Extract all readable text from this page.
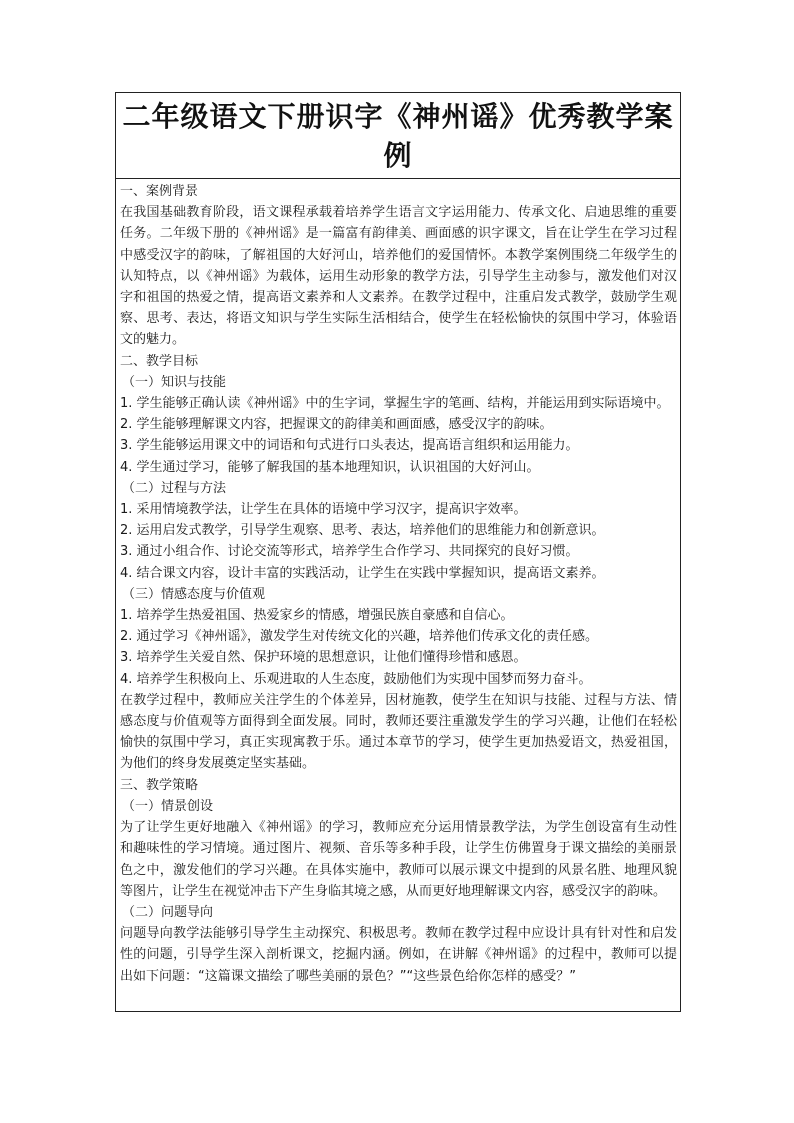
二年级语文下册识字《神州谣》优秀教学案例

一、案例背景

在我国基础教育阶段，语文课程承载着培养学生语言文字运用能力、传承文化、启迪思维的重要任务。二年级下册的《神州谣》是一篇富有韵律美、画面感的识字课文，旨在让学生在学习过程中感受汉字的韵味，了解祖国的大好河山，培养他们的爱国情怀。本教学案例围绕二年级学生的认知特点，以《神州谣》为载体，运用生动形象的教学方法，引导学生主动参与，激发他们对汉字和祖国的热爱之情，提高语文素养和人文素养。在教学过程中，注重启发式教学，鼓励学生观察、思考、表达，将语文知识与学生实际生活相结合，使学生在轻松愉快的氛围中学习，体验语文的魅力。

二、教学目标

（一）知识与技能

1. 学生能够正确认读《神州谣》中的生字词，掌握生字的笔画、结构，并能运用到实际语境中。

2. 学生能够理解课文内容，把握课文的韵律美和画面感，感受汉字的韵味。

3. 学生能够运用课文中的词语和句式进行口头表达，提高语言组织和运用能力。

4. 学生通过学习，能够了解我国的基本地理知识，认识祖国的大好河山。

（二）过程与方法

1. 采用情境教学法，让学生在具体的语境中学习汉字，提高识字效率。

2. 运用启发式教学，引导学生观察、思考、表达，培养他们的思维能力和创新意识。

3. 通过小组合作、讨论交流等形式，培养学生合作学习、共同探究的良好习惯。

4. 结合课文内容，设计丰富的实践活动，让学生在实践中掌握知识，提高语文素养。

（三）情感态度与价值观

1. 培养学生热爱祖国、热爱家乡的情感，增强民族自豪感和自信心。

2. 通过学习《神州谣》，激发学生对传统文化的兴趣，培养他们传承文化的责任感。

3. 培养学生关爱自然、保护环境的思想意识，让他们懂得珍惜和感恩。

4. 培养学生积极向上、乐观进取的人生态度，鼓励他们为实现中国梦而努力奋斗。

在教学过程中，教师应关注学生的个体差异，因材施教，使学生在知识与技能、过程与方法、情感态度与价值观等方面得到全面发展。同时，教师还要注重激发学生的学习兴趣，让他们在轻松愉快的氛围中学习，真正实现寓教于乐。通过本章节的学习，使学生更加热爱语文，热爱祖国，为他们的终身发展奠定坚实基础。

三、教学策略

（一）情景创设

为了让学生更好地融入《神州谣》的学习，教师应充分运用情景教学法，为学生创设富有生动性和趣味性的学习情境。通过图片、视频、音乐等多种手段，让学生仿佛置身于课文描绘的美丽景色之中，激发他们的学习兴趣。在具体实施中，教师可以展示课文中提到的风景名胜、地理风貌等图片，让学生在视觉冲击下产生身临其境之感，从而更好地理解课文内容，感受汉字的韵味。

（二）问题导向

问题导向教学法能够引导学生主动探究、积极思考。教师在教学过程中应设计具有针对性和启发性的问题，引导学生深入剖析课文，挖掘内涵。例如，在讲解《神州谣》的过程中，教师可以提出如下问题：“这篇课文描绘了哪些美丽的景色？”“这些景色给你怎样的感受？”
